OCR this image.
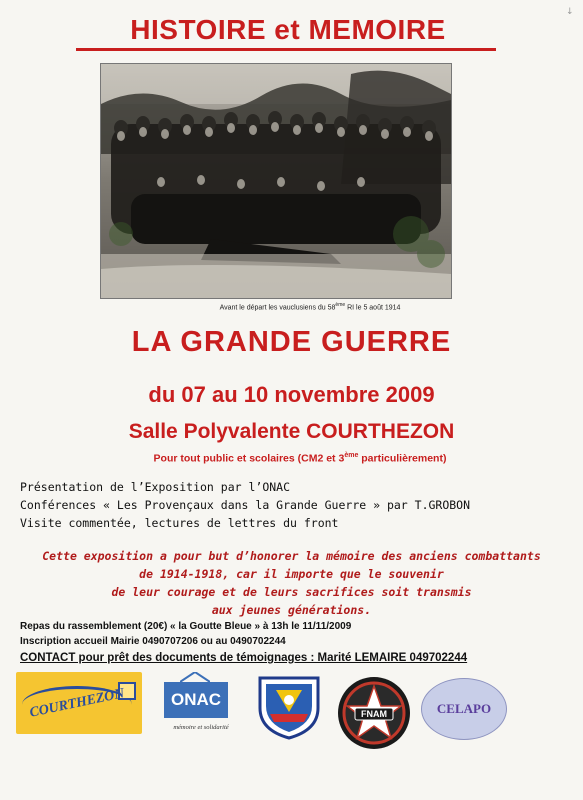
HISTOIRE et MEMOIRE
↓
Avant le départ les vauclusiens du 58ème RI le 5 août 1914
LA GRANDE GUERRE
du 07 au 10 novembre 2009
Salle Polyvalente COURTHEZON
Pour tout public et scolaires (CM2 et 3ème particulièrement)
Présentation de l’Exposition par l’ONAC
Conférences « Les Provençaux dans la Grande Guerre » par T.GROBON
Visite commentée, lectures de lettres du front
Cette exposition a pour but d’honorer la mémoire des anciens combattants
de 1914-1918, car il importe que le souvenir
de leur courage et de leurs sacrifices soit transmis
aux jeunes générations.
Repas du rassemblement (20€) « la Goutte Bleue » à 13h le 11/11/2009
Inscription accueil Mairie 0490707206 ou au 0490702244
CONTACT pour prêt des documents de témoignages : Marité LEMAIRE 049702244
COURTHEZON	ONAC
mémoire et solidarité
FNAM	CELAPO
